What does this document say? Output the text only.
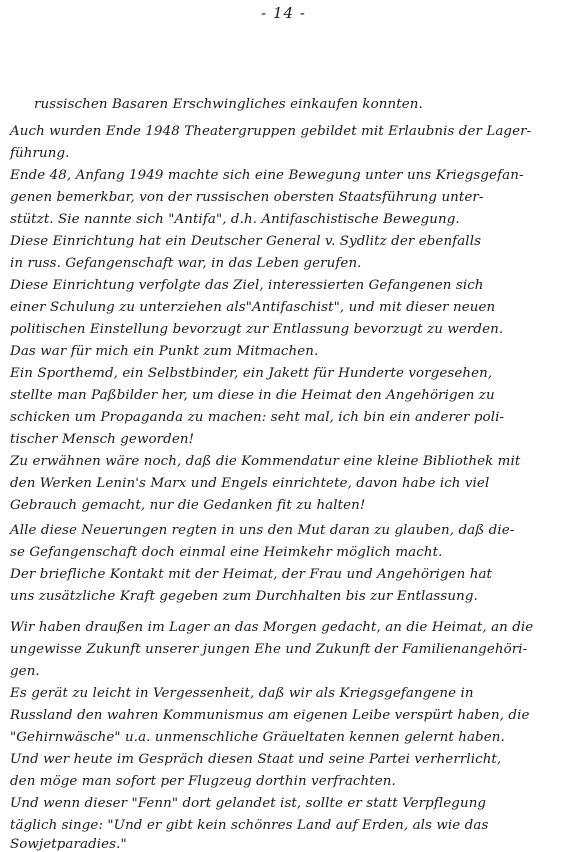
- 14 -
russischen Basaren Erschwingliches einkaufen konnten.
Auch wurden Ende 1948 Theatergruppen gebildet mit Erlaubnis der Lager-
führung.
Ende 48, Anfang 1949 machte sich eine Bewegung unter uns Kriegsgefan-
genen bemerkbar, von der russischen obersten Staatsführung unter-
stützt. Sie nannte sich "Antifa", d.h. Antifaschistische Bewegung.
Diese Einrichtung hat ein Deutscher General v. Sydlitz der ebenfalls
in russ. Gefangenschaft war, in das Leben gerufen.
Diese Einrichtung verfolgte das Ziel, interessierten Gefangenen sich
einer Schulung zu unterziehen als"Antifaschist", und mit dieser neuen
politischen Einstellung bevorzugt zur Entlassung bevorzugt zu werden.
Das war für mich ein Punkt zum Mitmachen.
Ein Sporthemd, ein Selbstbinder, ein Jakett für Hunderte vorgesehen,
stellte man Paßbilder her, um diese in die Heimat den Angehörigen zu
schicken um Propaganda zu machen: seht mal, ich bin ein anderer poli-
tischer Mensch geworden!
Zu erwähnen wäre noch, daß die Kommendatur eine kleine Bibliothek mit
den Werken Lenin's Marx und Engels einrichtete, davon habe ich viel
Gebrauch gemacht, nur die Gedanken fit zu halten!
Alle diese Neuerungen regten in uns den Mut daran zu glauben, daß die-
se Gefangenschaft doch einmal eine Heimkehr möglich macht.
Der briefliche Kontakt mit der Heimat, der Frau und Angehörigen hat
uns zusätzliche Kraft gegeben zum Durchhalten bis zur Entlassung.
Wir haben draußen im Lager an das Morgen gedacht, an die Heimat, an die
ungewisse Zukunft unserer jungen Ehe und Zukunft der Familienangehöri-
gen.
Es gerät zu leicht in Vergessenheit, daß wir als Kriegsgefangene in
Russland den wahren Kommunismus am eigenen Leibe verspürt haben, die
"Gehirnwäsche" u.a. unmenschliche Gräueltaten kennen gelernt haben.
Und wer heute im Gespräch diesen Staat und seine Partei verherrlicht,
den möge man sofort per Flugzeug dorthin verfrachten.
Und wenn dieser "Fenn" dort gelandet ist, sollte er statt Verpflegung
täglich singe: "Und er gibt kein schönres Land auf Erden, als wie das
Sowjetparadies."
